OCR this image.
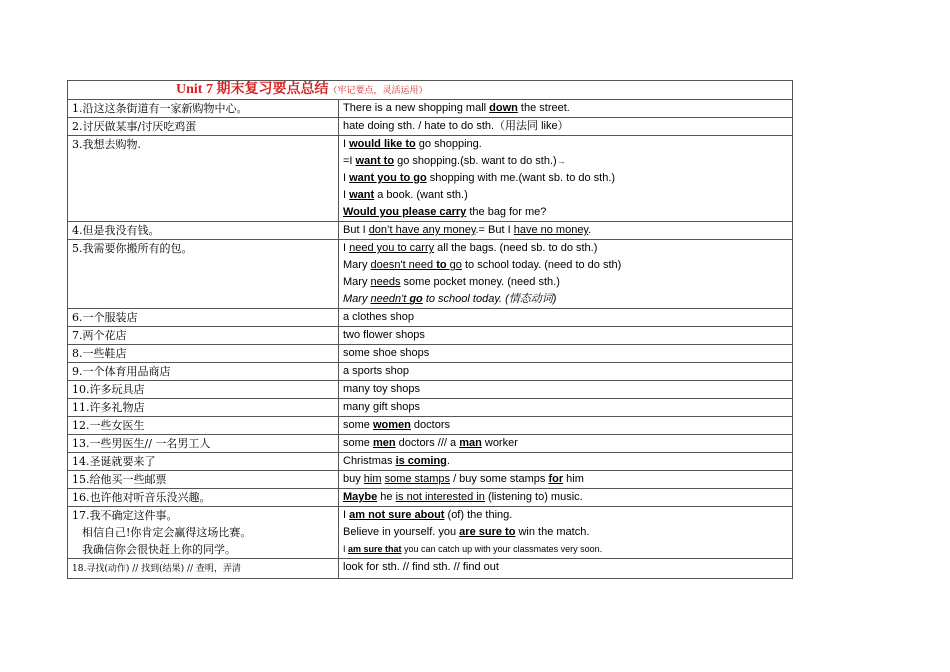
Unit 7 期末复习要点总结（牢记要点，灵活运用）	

1.沿这这条街道有一家新购物中心。	There is a new shopping mall down the street.

2.讨厌做某事/讨厌吃鸡蛋	hate doing sth. / hate to do sth.（用法同 like）

3.我想去购物.	I would like to go shopping.
=I want to go shopping.(sb. want to do sth.)→
I want you to go shopping with me.(want sb. to do sth.)
I want a book. (want sth.)
Would you please carry the bag for me?

4.但是我没有钱。	But I don’t have any money.= But I have no money.

5.我需要你搬所有的包。	I need you to carry all the bags. (need sb. to do sth.)
Mary doesn't need to go to school today. (need to do sth)
Mary needs some pocket money. (need sth.)
Mary needn't go to school today. (情态动词)

6.一个服装店	a clothes shop

7.两个花店	two flower shops

8.一些鞋店	some shoe shops

9.一个体育用品商店	a sports shop

10.许多玩具店	many toy shops

11.许多礼物店	many gift shops

12.一些女医生	some women doctors

13.一些男医生// 一名男工人	some men doctors /// a man worker

14.圣诞就要来了	Christmas is coming.

15.给他买一些邮票	buy him some stamps / buy some stamps for him

16.也许他对听音乐没兴趣。	Maybe he is not interested in (listening to) music.

17.我不确定这件事。
相信自己!你肯定会赢得这场比赛。
我确信你会很快赶上你的同学。	I am not sure about (of) the thing.
Believe in yourself. you are sure to win the match.
I am sure that you can catch up with your classmates very soon.

18.寻找(动作) // 找到(结果) // 查明，弄清	look for sth. // find sth. // find out
